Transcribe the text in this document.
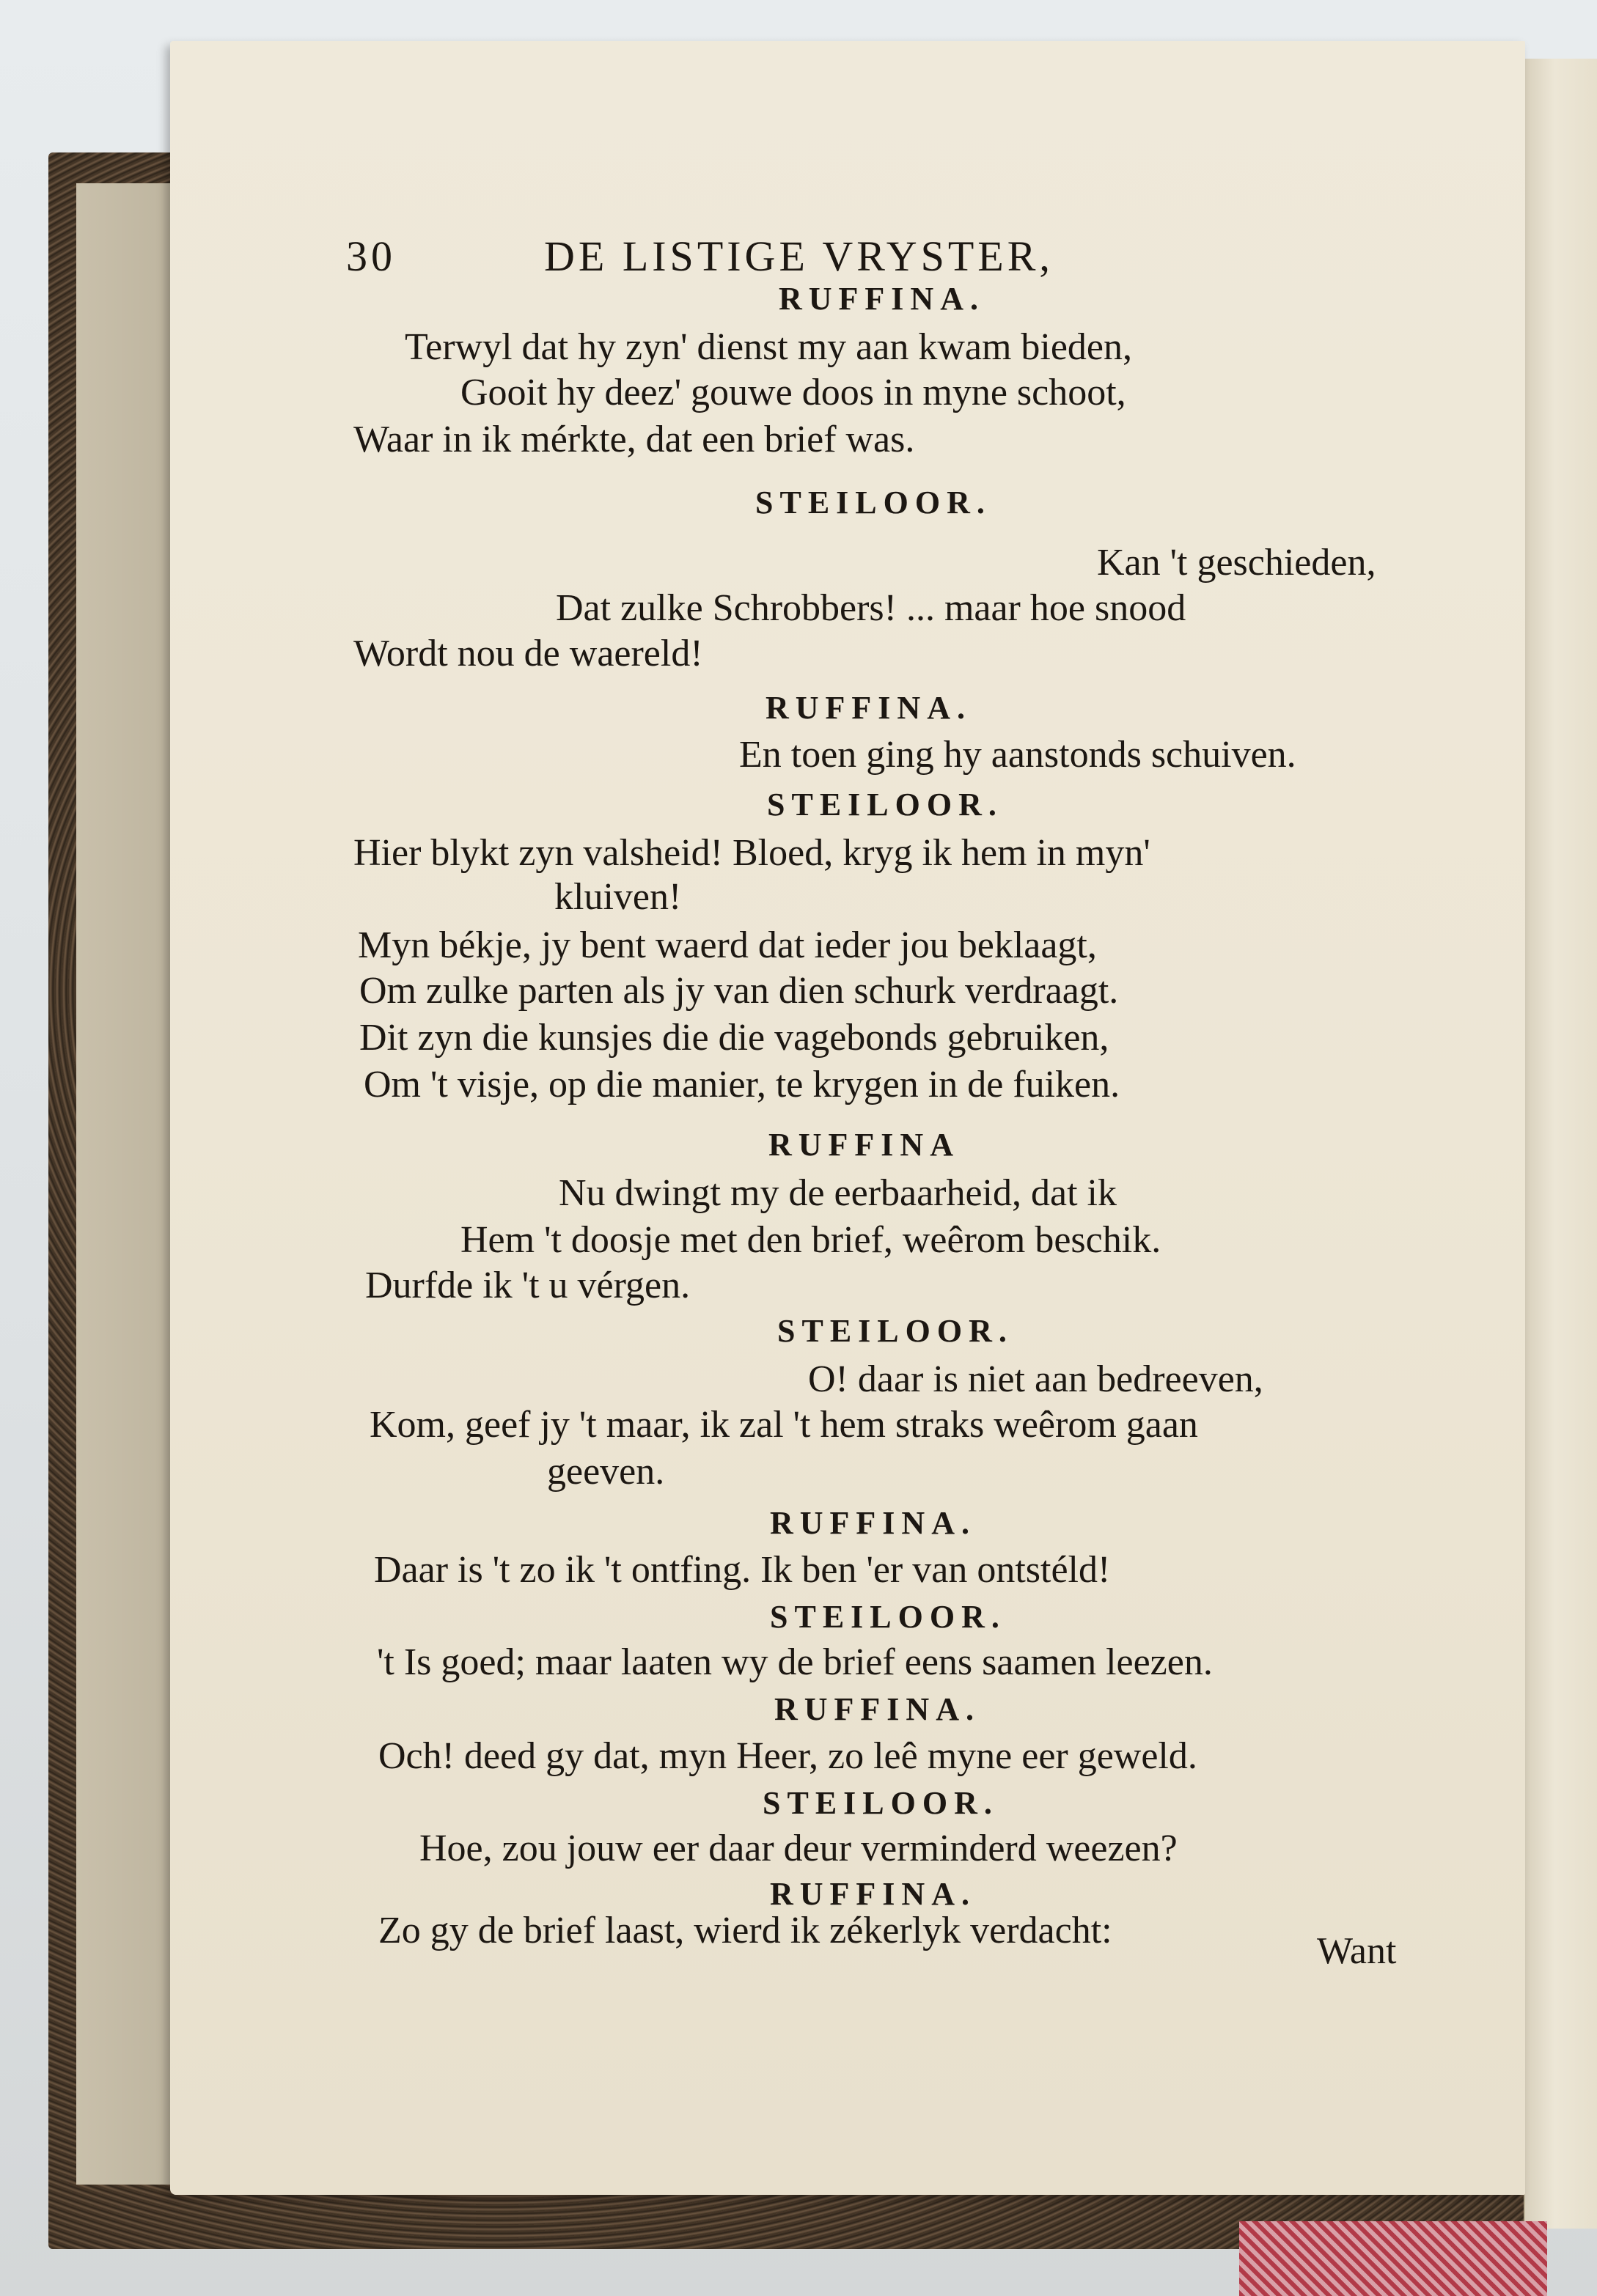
30	DE LISTIGE VRYSTER,
RUFFINA.
Terwyl dat hy zyn' dienst my aan kwam bieden,
Gooit hy deez' gouwe doos in myne schoot,
Waar in ik mérkte, dat een brief was.
STEILOOR.
Kan 't geschieden,
Dat zulke Schrobbers! ... maar hoe snood
Wordt nou de waereld!
RUFFINA.
En toen ging hy aanstonds schuiven.
STEILOOR.
Hier blykt zyn valsheid! Bloed, kryg ik hem in myn'
kluiven!
Myn békje, jy bent waerd dat ieder jou beklaagt,
Om zulke parten als jy van dien schurk verdraagt.
Dit zyn die kunsjes die die vagebonds gebruiken,
Om 't visje, op die manier, te krygen in de fuiken.
RUFFINA
Nu dwingt my de eerbaarheid, dat ik
Hem 't doosje met den brief, weêrom beschik.
Durfde ik 't u vérgen.
STEILOOR.
O! daar is niet aan bedreeven,
Kom, geef jy 't maar, ik zal 't hem straks weêrom gaan
geeven.
RUFFINA.
Daar is 't zo ik 't ontfing. Ik ben 'er van ontstéld!
STEILOOR.
't Is goed; maar laaten wy de brief eens saamen leezen.
RUFFINA.
Och! deed gy dat, myn Heer, zo leê myne eer geweld.
STEILOOR.
Hoe, zou jouw eer daar deur verminderd weezen?
RUFFINA.
Zo gy de brief laast, wierd ik zékerlyk verdacht:	Want
